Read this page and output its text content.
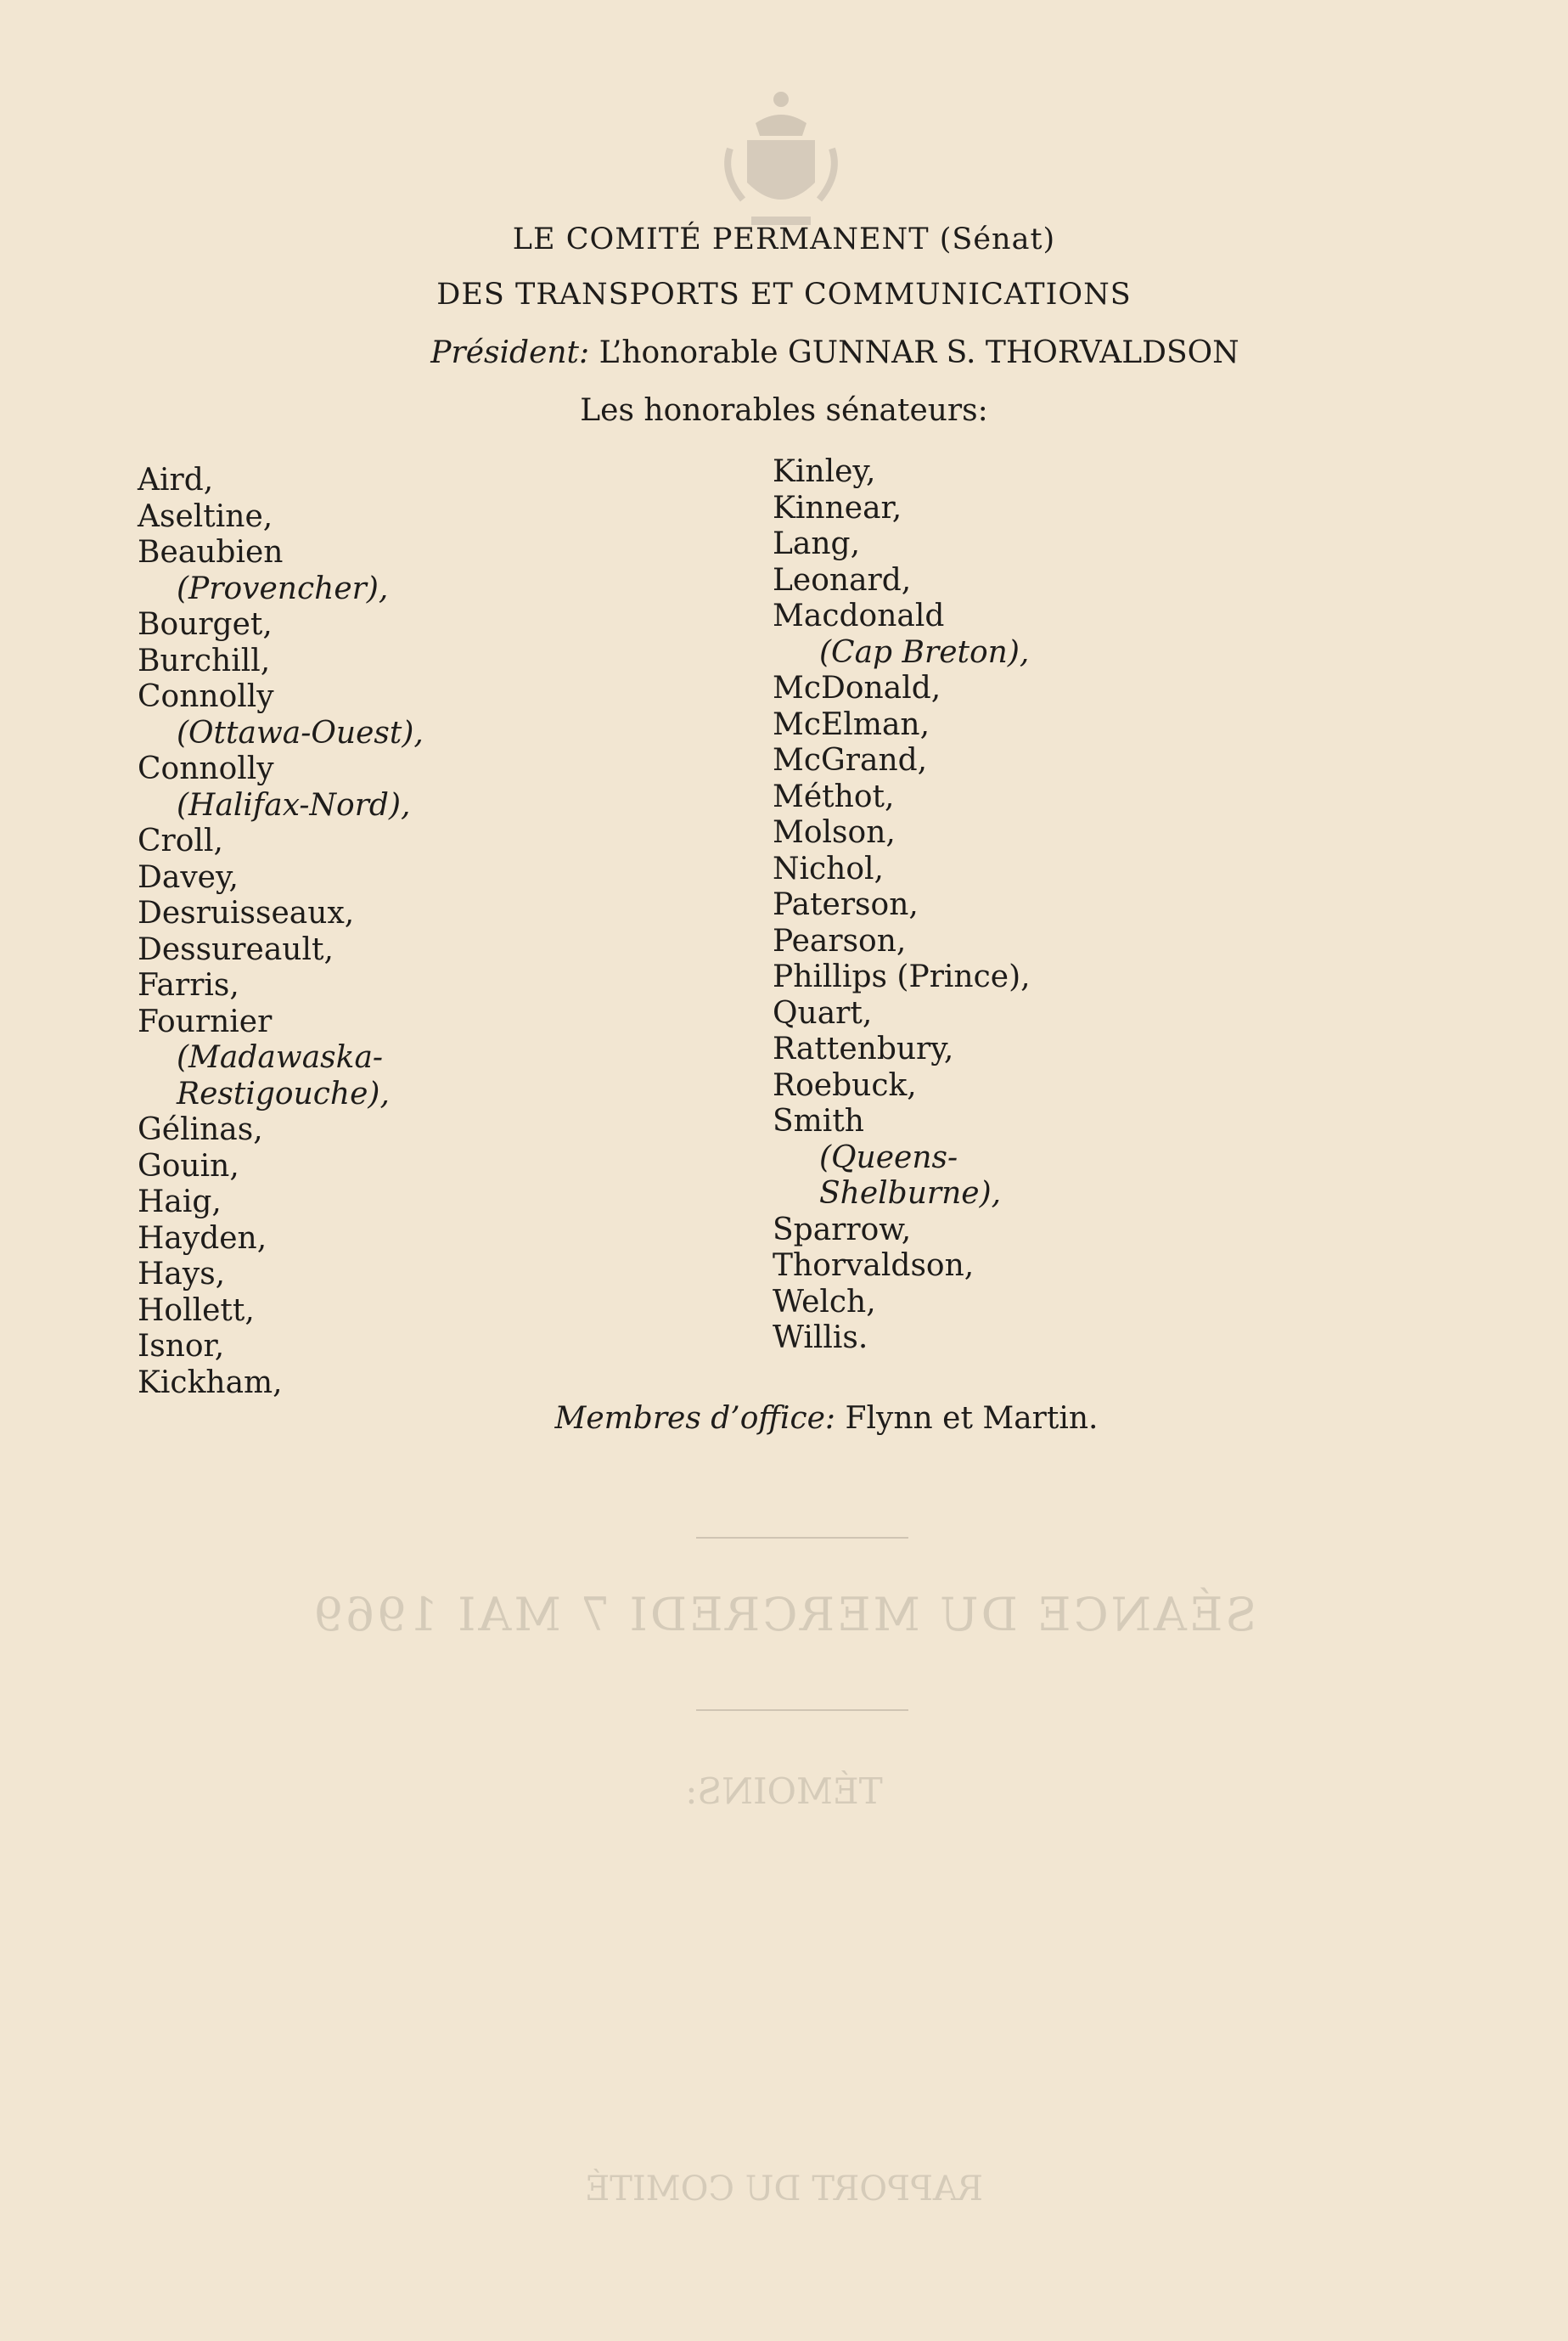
SÉANCE DU MERCREDI 7 MAI 1969
TÉMOINS:
RAPPORT DU COMITÉ
LE COMITÉ PERMANENT (Sénat)
DES TRANSPORTS ET COMMUNICATIONS
Président: L’honorable GUNNAR S. THORVALDSON
Les honorables sénateurs:
Aird,
Aseltine,
Beaubien
(Provencher),
Bourget,
Burchill,
Connolly
(Ottawa-Ouest),
Connolly
(Halifax-Nord),
Croll,
Davey,
Desruisseaux,
Dessureault,
Farris,
Fournier
(Madawaska-
Restigouche),
Gélinas,
Gouin,
Haig,
Hayden,
Hays,
Hollett,
Isnor,
Kickham,
Kinley,
Kinnear,
Lang,
Leonard,
Macdonald
(Cap Breton),
McDonald,
McElman,
McGrand,
Méthot,
Molson,
Nichol,
Paterson,
Pearson,
Phillips (Prince),
Quart,
Rattenbury,
Roebuck,
Smith
(Queens-
Shelburne),
Sparrow,
Thorvaldson,
Welch,
Willis.
Membres d’office: Flynn et Martin.
